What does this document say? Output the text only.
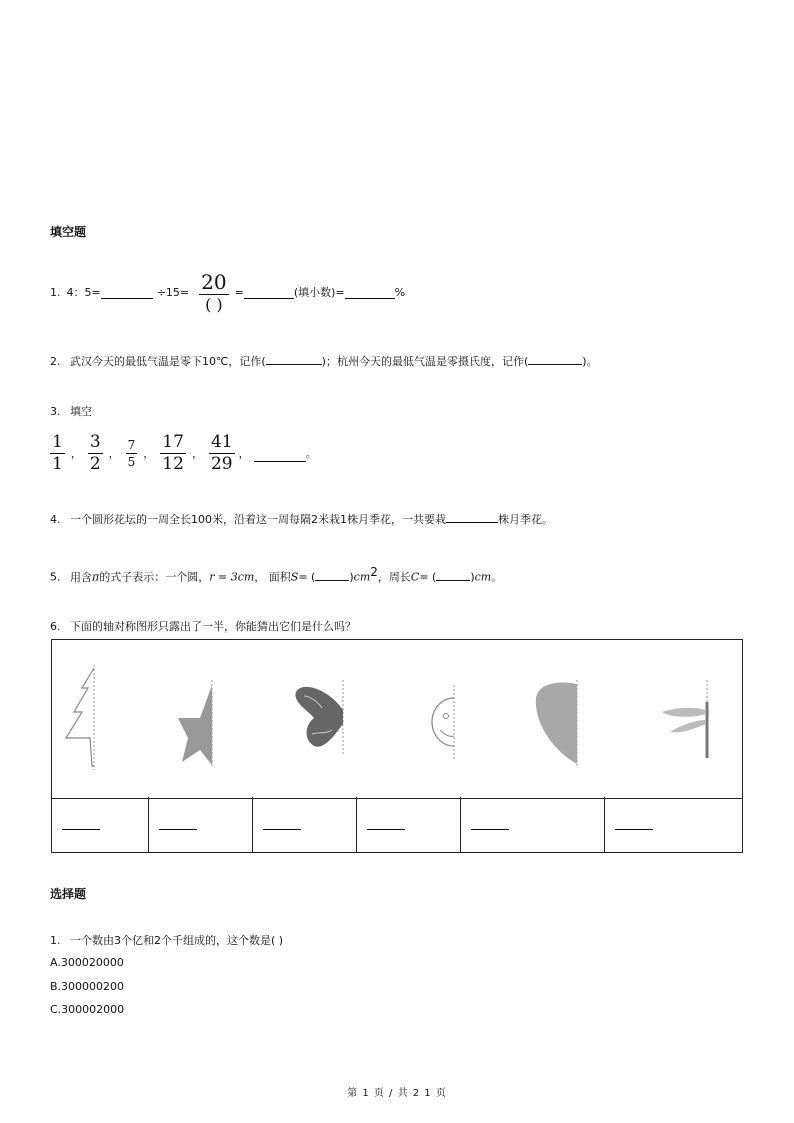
填空题
1. 4：5=	$\div 15= \frac{20}{( )}$ =	(填小数)=	%
2. 武汉今天的最低气温是零下10℃，记作(	)；杭州今天的最低气温是零摄氏度，记作(	)。
3. 填空
$\frac{1}{1}$ ， $\frac{3}{2}$ ， $\frac{7}{5}$ ， $\frac{17}{12}$ ， $\frac{41}{29}$ ，	。
4. 一个圆形花坛的一周全长100米，沿着这一周每隔2米栽1株月季花，一共要栽	株月季花。
5. 用含π的式子表示：一个圆，r = 3cm， 面积S= (	)$cm^2$，周长C= (	)cm。
6. 下面的轴对称图形只露出了一半，你能猜出它们是什么吗？
选择题
1. 一个数由3个亿和2个千组成的，这个数是( )
A.300020000
B.300000200
C.300002000
第 1 页 / 共 2 1 页
